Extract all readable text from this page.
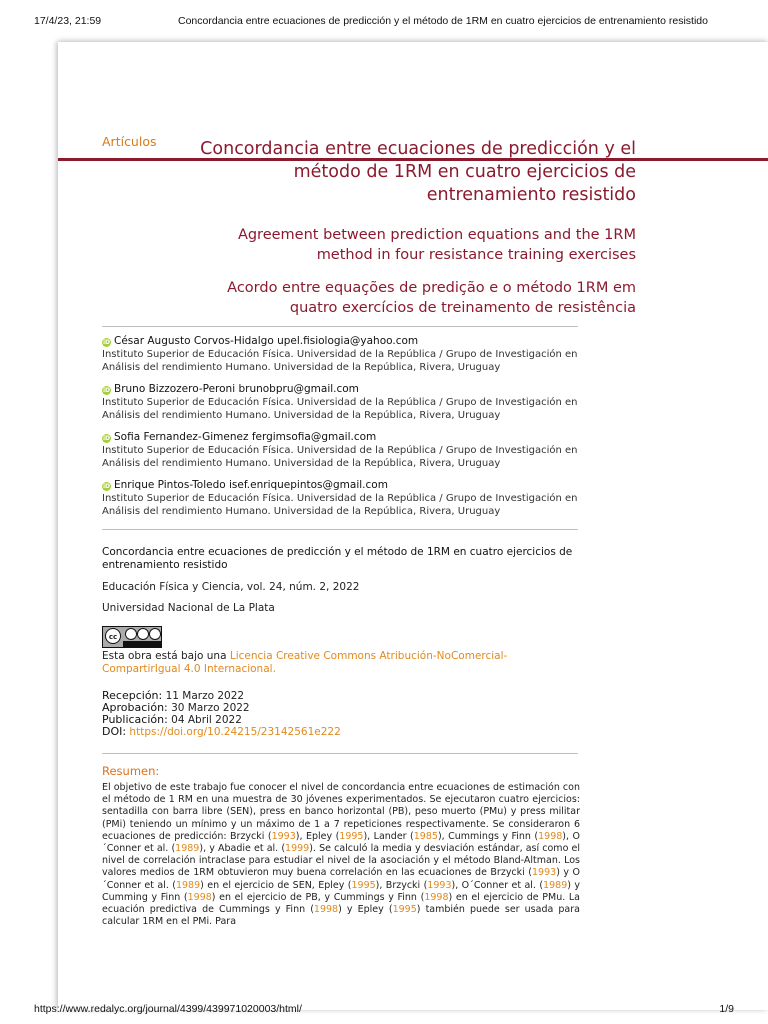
17/4/23, 21:59	Concordancia entre ecuaciones de predicción y el método de 1RM en cuatro ejercicios de entrenamiento resistido
Artículos Concordancia entre ecuaciones de predicción y el método de 1RM en cuatro ejercicios de entrenamiento resistido
Agreement between prediction equations and the 1RM method in four resistance training exercises
Acordo entre equações de predição e o método 1RM em quatro exercícios de treinamento de resistência
iD César Augusto Corvos-Hidalgo upel.fisiologia@yahoo.com
Instituto Superior de Educación Física. Universidad de la República / Grupo de Investigación en Análisis del rendimiento Humano. Universidad de la República, Rivera, Uruguay
iD Bruno Bizzozero-Peroni brunobpru@gmail.com
Instituto Superior de Educación Física. Universidad de la República / Grupo de Investigación en Análisis del rendimiento Humano. Universidad de la República, Rivera, Uruguay
iD Sofia Fernandez-Gimenez fergimsofia@gmail.com
Instituto Superior de Educación Física. Universidad de la República / Grupo de Investigación en Análisis del rendimiento Humano. Universidad de la República, Rivera, Uruguay
iD Enrique Pintos-Toledo isef.enriquepintos@gmail.com
Instituto Superior de Educación Física. Universidad de la República / Grupo de Investigación en Análisis del rendimiento Humano. Universidad de la República, Rivera, Uruguay
Concordancia entre ecuaciones de predicción y el método de 1RM en cuatro ejercicios de entrenamiento resistido
Educación Física y Ciencia, vol. 24, núm. 2, 2022
Universidad Nacional de La Plata
cc
Esta obra está bajo una Licencia Creative Commons Atribución-NoComercial-CompartirIgual 4.0 Internacional.
Recepción: 11 Marzo 2022
Aprobación: 30 Marzo 2022
Publicación: 04 Abril 2022
DOI: https://doi.org/10.24215/23142561e222
Resumen:

El objetivo de este trabajo fue conocer el nivel de concordancia entre ecuaciones de estimación con el método de 1 RM en una muestra de 30 jóvenes experimentados. Se ejecutaron cuatro ejercicios: sentadilla con barra libre (SEN), press en banco horizontal (PB), peso muerto (PMu) y press militar (PMi) teniendo un mínimo y un máximo de 1 a 7 repeticiones respectivamente. Se consideraron 6 ecuaciones de predicción: Brzycki (1993), Epley (1995), Lander (1985), Cummings y Finn (1998), O ´Conner et al. (1989), y Abadie et al. (1999). Se calculó la media y desviación estándar, así como el nivel de correlación intraclase para estudiar el nivel de la asociación y el método Bland-Altman. Los valores medios de 1RM obtuvieron muy buena correlación en las ecuaciones de Brzycki (1993) y O´Conner et al. (1989) en el ejercicio de SEN, Epley (1995), Brzycki (1993), O´Conner et al. (1989) y Cumming y Finn (1998) en el ejercicio de PB, y Cummings y Finn (1998) en el ejercicio de PMu. La ecuación predictiva de Cummings y Finn (1998) y Epley (1995) también puede ser usada para calcular 1RM en el PMi. Para

https://www.redalyc.org/journal/4399/439971020003/html/	1/9
